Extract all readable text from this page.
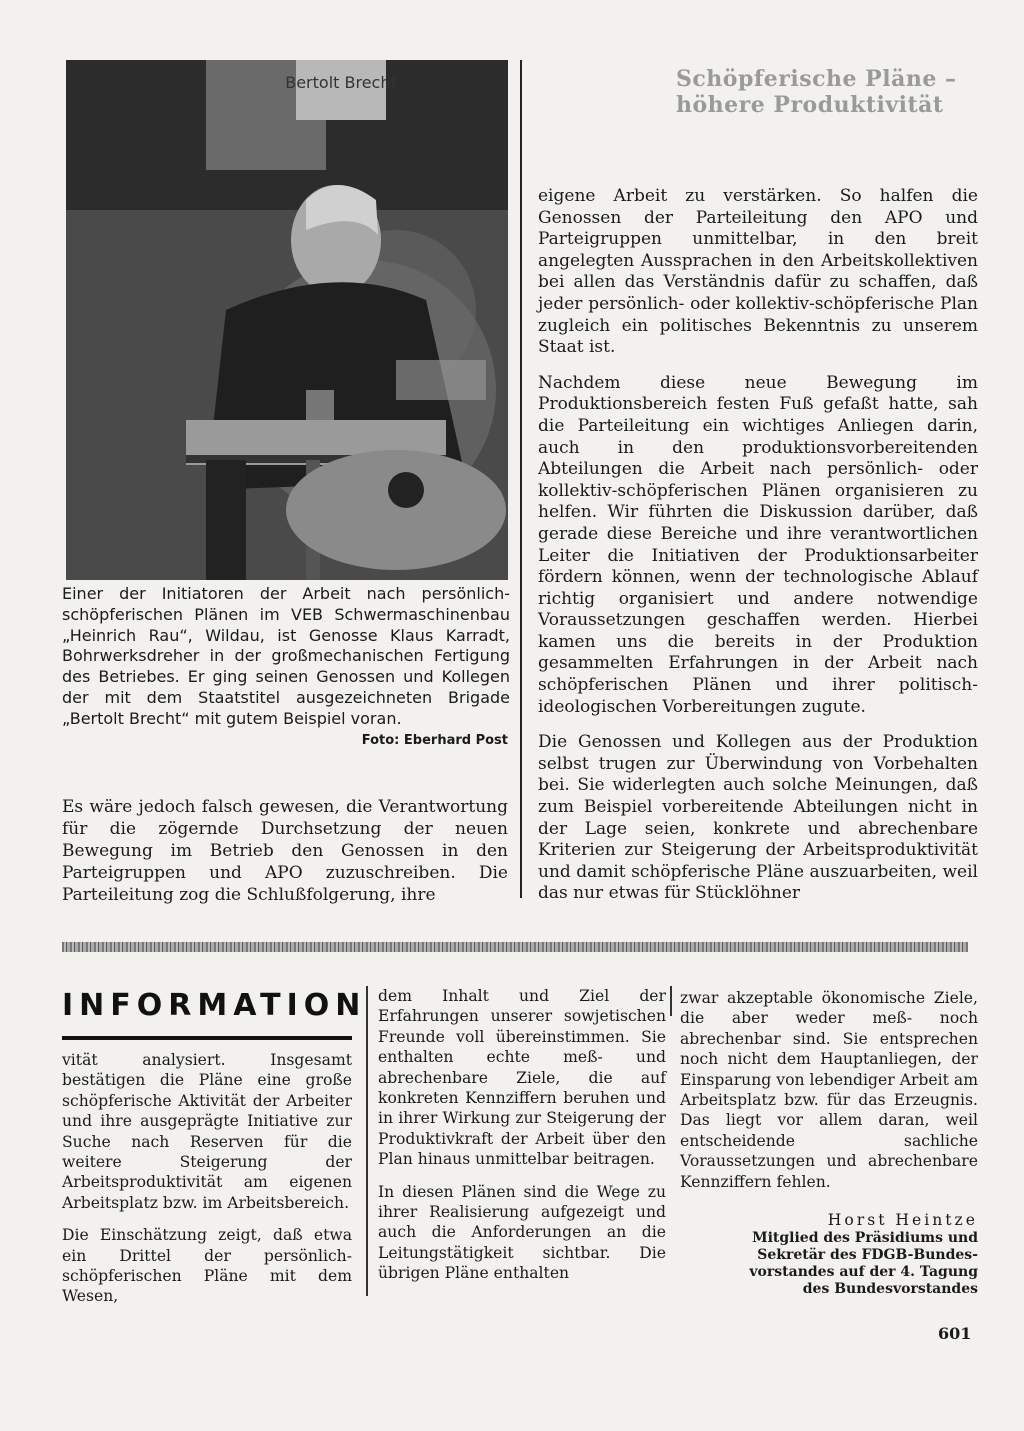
Bertolt Brecht
Einer der Initiatoren der Arbeit nach persönlich-schöpferischen Plänen im VEB Schwermaschinenbau „Heinrich Rau“, Wildau, ist Genosse Klaus Karradt, Bohrwerksdreher in der großmechanischen Fertigung des Betriebes. Er ging seinen Genossen und Kollegen der mit dem Staatstitel ausgezeichneten Brigade „Bertolt Brecht“ mit gutem Beispiel voran.
Foto: Eberhard Post
Es wäre jedoch falsch gewesen, die Verantwortung für die zögernde Durchsetzung der neuen Bewegung im Betrieb den Genossen in den Parteigruppen und APO zuzuschreiben. Die Parteileitung zog die Schlußfolgerung, ihre
Schöpferische Pläne –
höhere Produktivität

eigene Arbeit zu verstärken. So halfen die Genossen der Parteileitung den APO und Parteigruppen unmittelbar, in den breit angelegten Aussprachen in den Arbeitskollektiven bei allen das Verständnis dafür zu schaffen, daß jeder persönlich- oder kollektiv-schöpferische Plan zugleich ein politisches Bekenntnis zu unserem Staat ist.

Nachdem diese neue Bewegung im Produktionsbereich festen Fuß gefaßt hatte, sah die Parteileitung ein wichtiges Anliegen darin, auch in den produktionsvorbereitenden Abteilungen die Arbeit nach persönlich- oder kollektiv-schöpferischen Plänen organisieren zu helfen. Wir führten die Diskussion darüber, daß gerade diese Bereiche und ihre verantwortlichen Leiter die Initiativen der Produktionsarbeiter fördern können, wenn der technologische Ablauf richtig organisiert und andere notwendige Voraussetzungen geschaffen werden. Hierbei kamen uns die bereits in der Produktion gesammelten Erfahrungen in der Arbeit nach schöpferischen Plänen und ihrer politisch-ideologischen Vorbereitungen zugute.

Die Genossen und Kollegen aus der Produktion selbst trugen zur Überwindung von Vorbehalten bei. Sie widerlegten auch solche Meinungen, daß zum Beispiel vorbereitende Abteilungen nicht in der Lage seien, konkrete und abrechenbare Kriterien zur Steigerung der Arbeitsproduktivität und damit schöpferische Pläne auszuarbeiten, weil das nur etwas für Stücklöhner

INFORMATION

vität analysiert. Insgesamt bestätigen die Pläne eine große schöpferische Aktivität der Arbeiter und ihre ausgeprägte Initiative zur Suche nach Reserven für die weitere Steigerung der Arbeitsproduktivität am eigenen Arbeitsplatz bzw. im Arbeitsbereich.

Die Einschätzung zeigt, daß etwa ein Drittel der persönlich-schöpferischen Pläne mit dem Wesen,

dem Inhalt und Ziel der Erfahrungen unserer sowjetischen Freunde voll übereinstimmen. Sie enthalten echte meß- und abrechenbare Ziele, die auf konkreten Kennziffern beruhen und in ihrer Wirkung zur Steigerung der Produktivkraft der Arbeit über den Plan hinaus unmittelbar beitragen.

In diesen Plänen sind die Wege zu ihrer Realisierung aufgezeigt und auch die Anforderungen an die Leitungstätigkeit sichtbar. Die übrigen Pläne enthalten

zwar akzeptable ökonomische Ziele, die aber weder meß- noch abrechenbar sind. Sie entsprechen noch nicht dem Hauptanliegen, der Einsparung von lebendiger Arbeit am Arbeitsplatz bzw. für das Erzeugnis. Das liegt vor allem daran, weil entscheidende sachliche Voraussetzungen und abrechenbare Kennziffern fehlen.

Horst Heintze
Mitglied des Präsidiums und
Sekretär des FDGB-Bundes-
vorstandes auf der 4. Tagung
des Bundesvorstandes
601
